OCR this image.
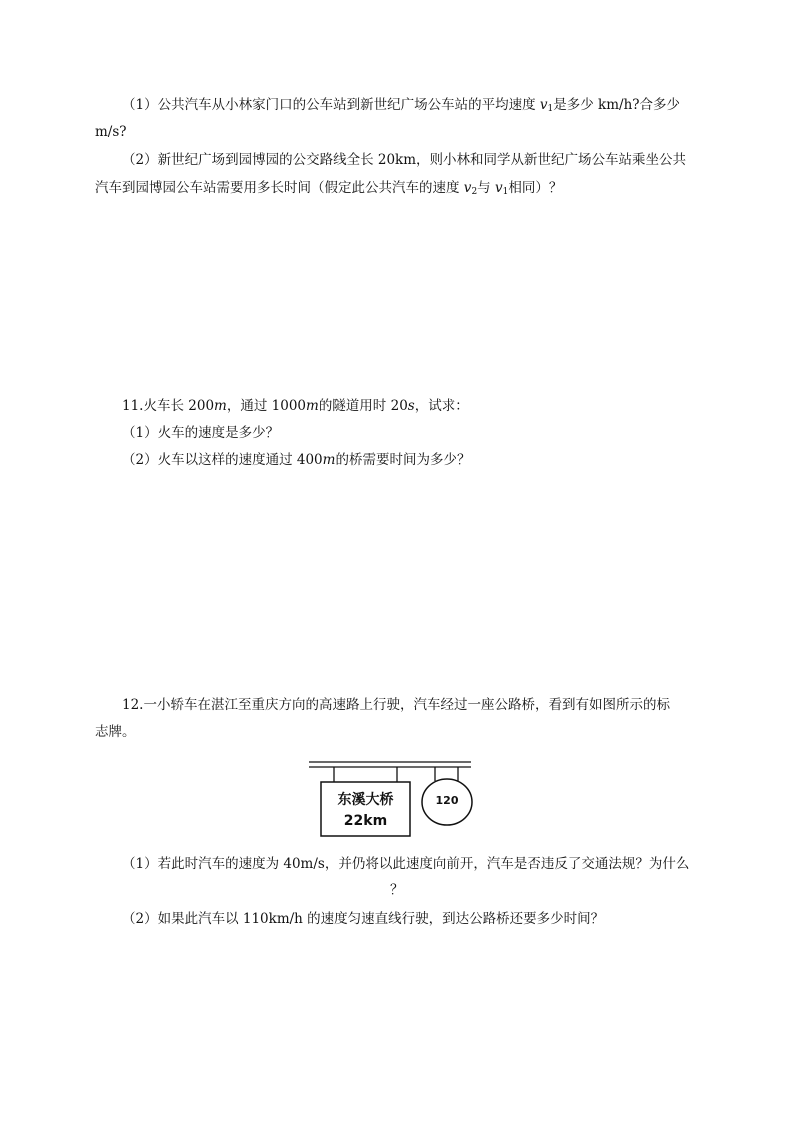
（1）公共汽车从小林家门口的公车站到新世纪广场公车站的平均速度 $v_1$是多少 km/h?合多少
m/s?
（2）新世纪广场到园博园的公交路线全长 20km，则小林和同学从新世纪广场公车站乘坐公共
汽车到园博园公车站需要用多长时间（假定此公共汽车的速度 $v_2$与 $v_1$相同）？
11.火车长 200m，通过 1000m的隧道用时 20s，试求：
（1）火车的速度是多少？
（2）火车以这样的速度通过 400m的桥需要时间为多少？
12.一小轿车在湛江至重庆方向的高速路上行驶，汽车经过一座公路桥，看到有如图所示的标
志牌。
东溪大桥
22km
120
（1）若此时汽车的速度为 40m/s，并仍将以此速度向前开，汽车是否违反了交通法规？为什么
？
（2）如果此汽车以 110km/h 的速度匀速直线行驶，到达公路桥还要多少时间？
